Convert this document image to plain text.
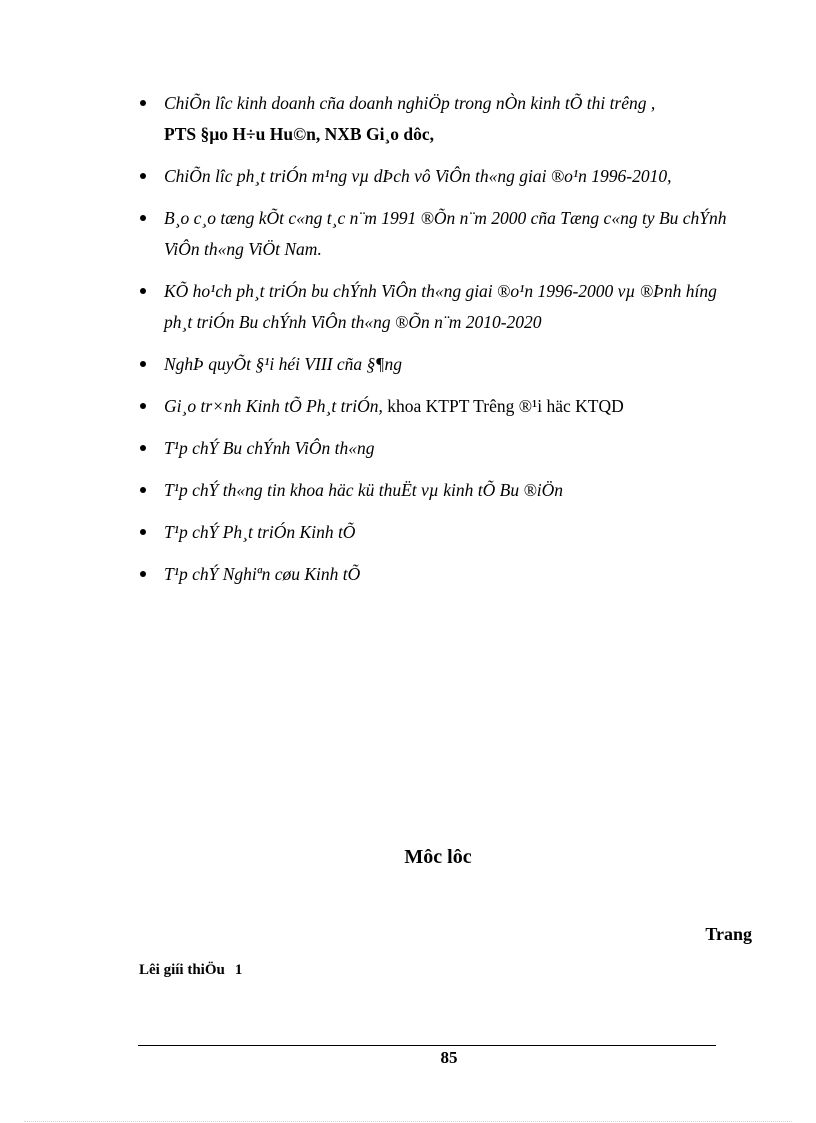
ChiÕn lîc kinh doanh cña doanh nghiÖp trong nÒn kinh tÕ thi trêng ,
PTS §µo H÷u Hu©n, NXB Gi¸o dôc,
ChiÕn lîc ph¸t triÓn m¹ng vµ dÞch vô ViÔn th«ng giai ®o¹n 1996-2010,
B¸o c¸o tæng kÕt c«ng t¸c n¨m 1991 ®Õn n¨m 2000 cña Tæng c«ng ty Bu chÝnh ViÔn th«ng ViÖt Nam.
KÕ ho¹ch ph¸t triÓn bu chÝnh ViÔn th«ng giai ®o¹n 1996-2000 vµ ®Þnh híng ph¸t triÓn Bu chÝnh ViÔn th«ng ®Õn n¨m 2010-2020
NghÞ quyÕt §¹i héi VIII cña §¶ng
Gi¸o tr×nh Kinh tÕ Ph¸t triÓn, khoa KTPT Trêng ®¹i häc KTQD
T¹p chÝ Bu chÝnh ViÔn th«ng
T¹p chÝ th«ng tin khoa häc kü thuËt vµ kinh tÕ Bu ®iÖn
T¹p chÝ Ph¸t triÓn Kinh tÕ
T¹p chÝ Nghiªn cøu Kinh tÕ
Môc lôc
Trang
Lêi giíi thiÖu 1
85
